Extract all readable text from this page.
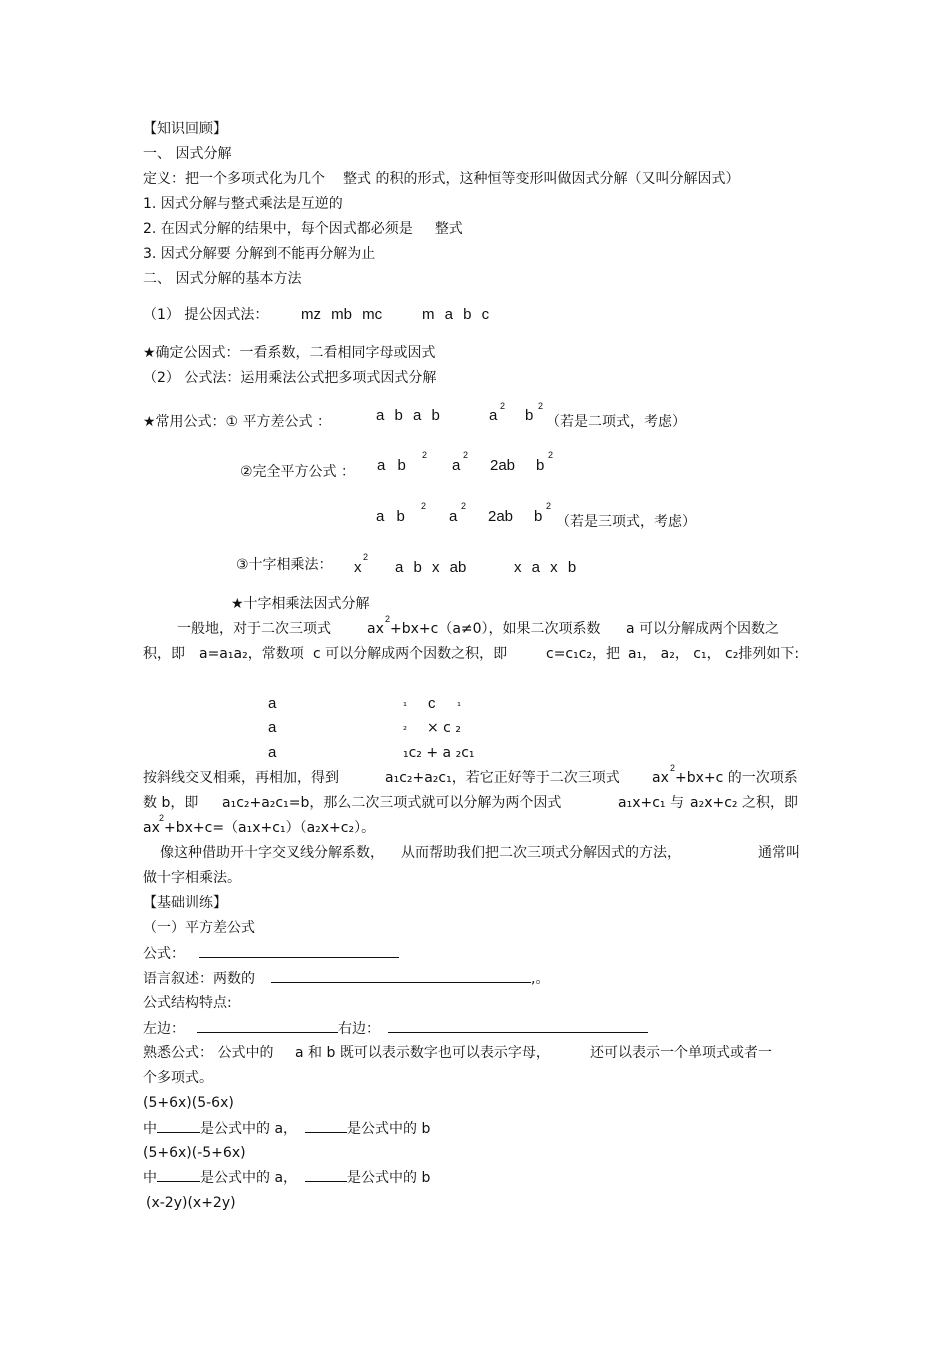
【知识回顾】
一、 因式分解
定义：把一个多项式化为几个 整式 的积的形式，这种恒等变形叫做因式分解（又叫分解因式）
1. 因式分解与整式乘法是互逆的
2. 在因式分解的结果中，每个因式都必须是 整式
3. 因式分解要 分解到不能再分解为止
二、 因式分解的基本方法
（1） 提公因式法： mz mb mc	m a b c
★确定公因式：一看系数，二看相同字母或因式
（2） 公式法：运用乘法公式把多项式因式分解
★常用公式：① 平方差公式 ：	a b a b	a
2
b
2
（若是二项式，考虑）
②完全平方公式 ： a b
2
a
2
2ab b
2
a b
2
a
2
2ab b
2
（若是三项式，考虑）
③十字相乘法： x
2
a b x ab	x a x b
★十字相乘法因式分解
一般地，对于二次三项式	ax
2
+bx+c（a≠0），如果二次项系数 a 可以分解成两个因数之
积，即 a=a₁a₂，常数项 c 可以分解成两个因数之积，即	c=c₁c₂，把 a₁， a₂， c₁， c₂排列如下:
a	₁ c ₁
a	₂ × c ₂
a	₁c₂ + a ₂c₁
按斜线交叉相乘，再相加，得到	a₁c₂+a₂c₁，若它正好等于二次三项式 ax
2
+bx+c 的一次项系
数 b，即 a₁c₂+a₂c₁=b，那么二次三项式就可以分解为两个因式	a₁x+c₁ 与 a₂x+c₂ 之积，即
ax
2
+bx+c=（a₁x+c₁）（a₂x+c₂）。
像这种借助开十字交叉线分解系数， 从而帮助我们把二次三项式分解因式的方法，	通常叫
做十字相乘法。
【基础训练】
（一）平方差公式
公式：
语言叙述：两数的	,。
公式结构特点:
左边：	右边：
熟悉公式： 公式中的 a 和 b 既可以表示数字也可以表示字母，	还可以表示一个单项式或者一
个多项式。
(5+6x)(5-6x)
中	是公式中的 a，	是公式中的 b
(5+6x)(-5+6x)
中	是公式中的 a，	是公式中的 b
(x-2y)(x+2y)
